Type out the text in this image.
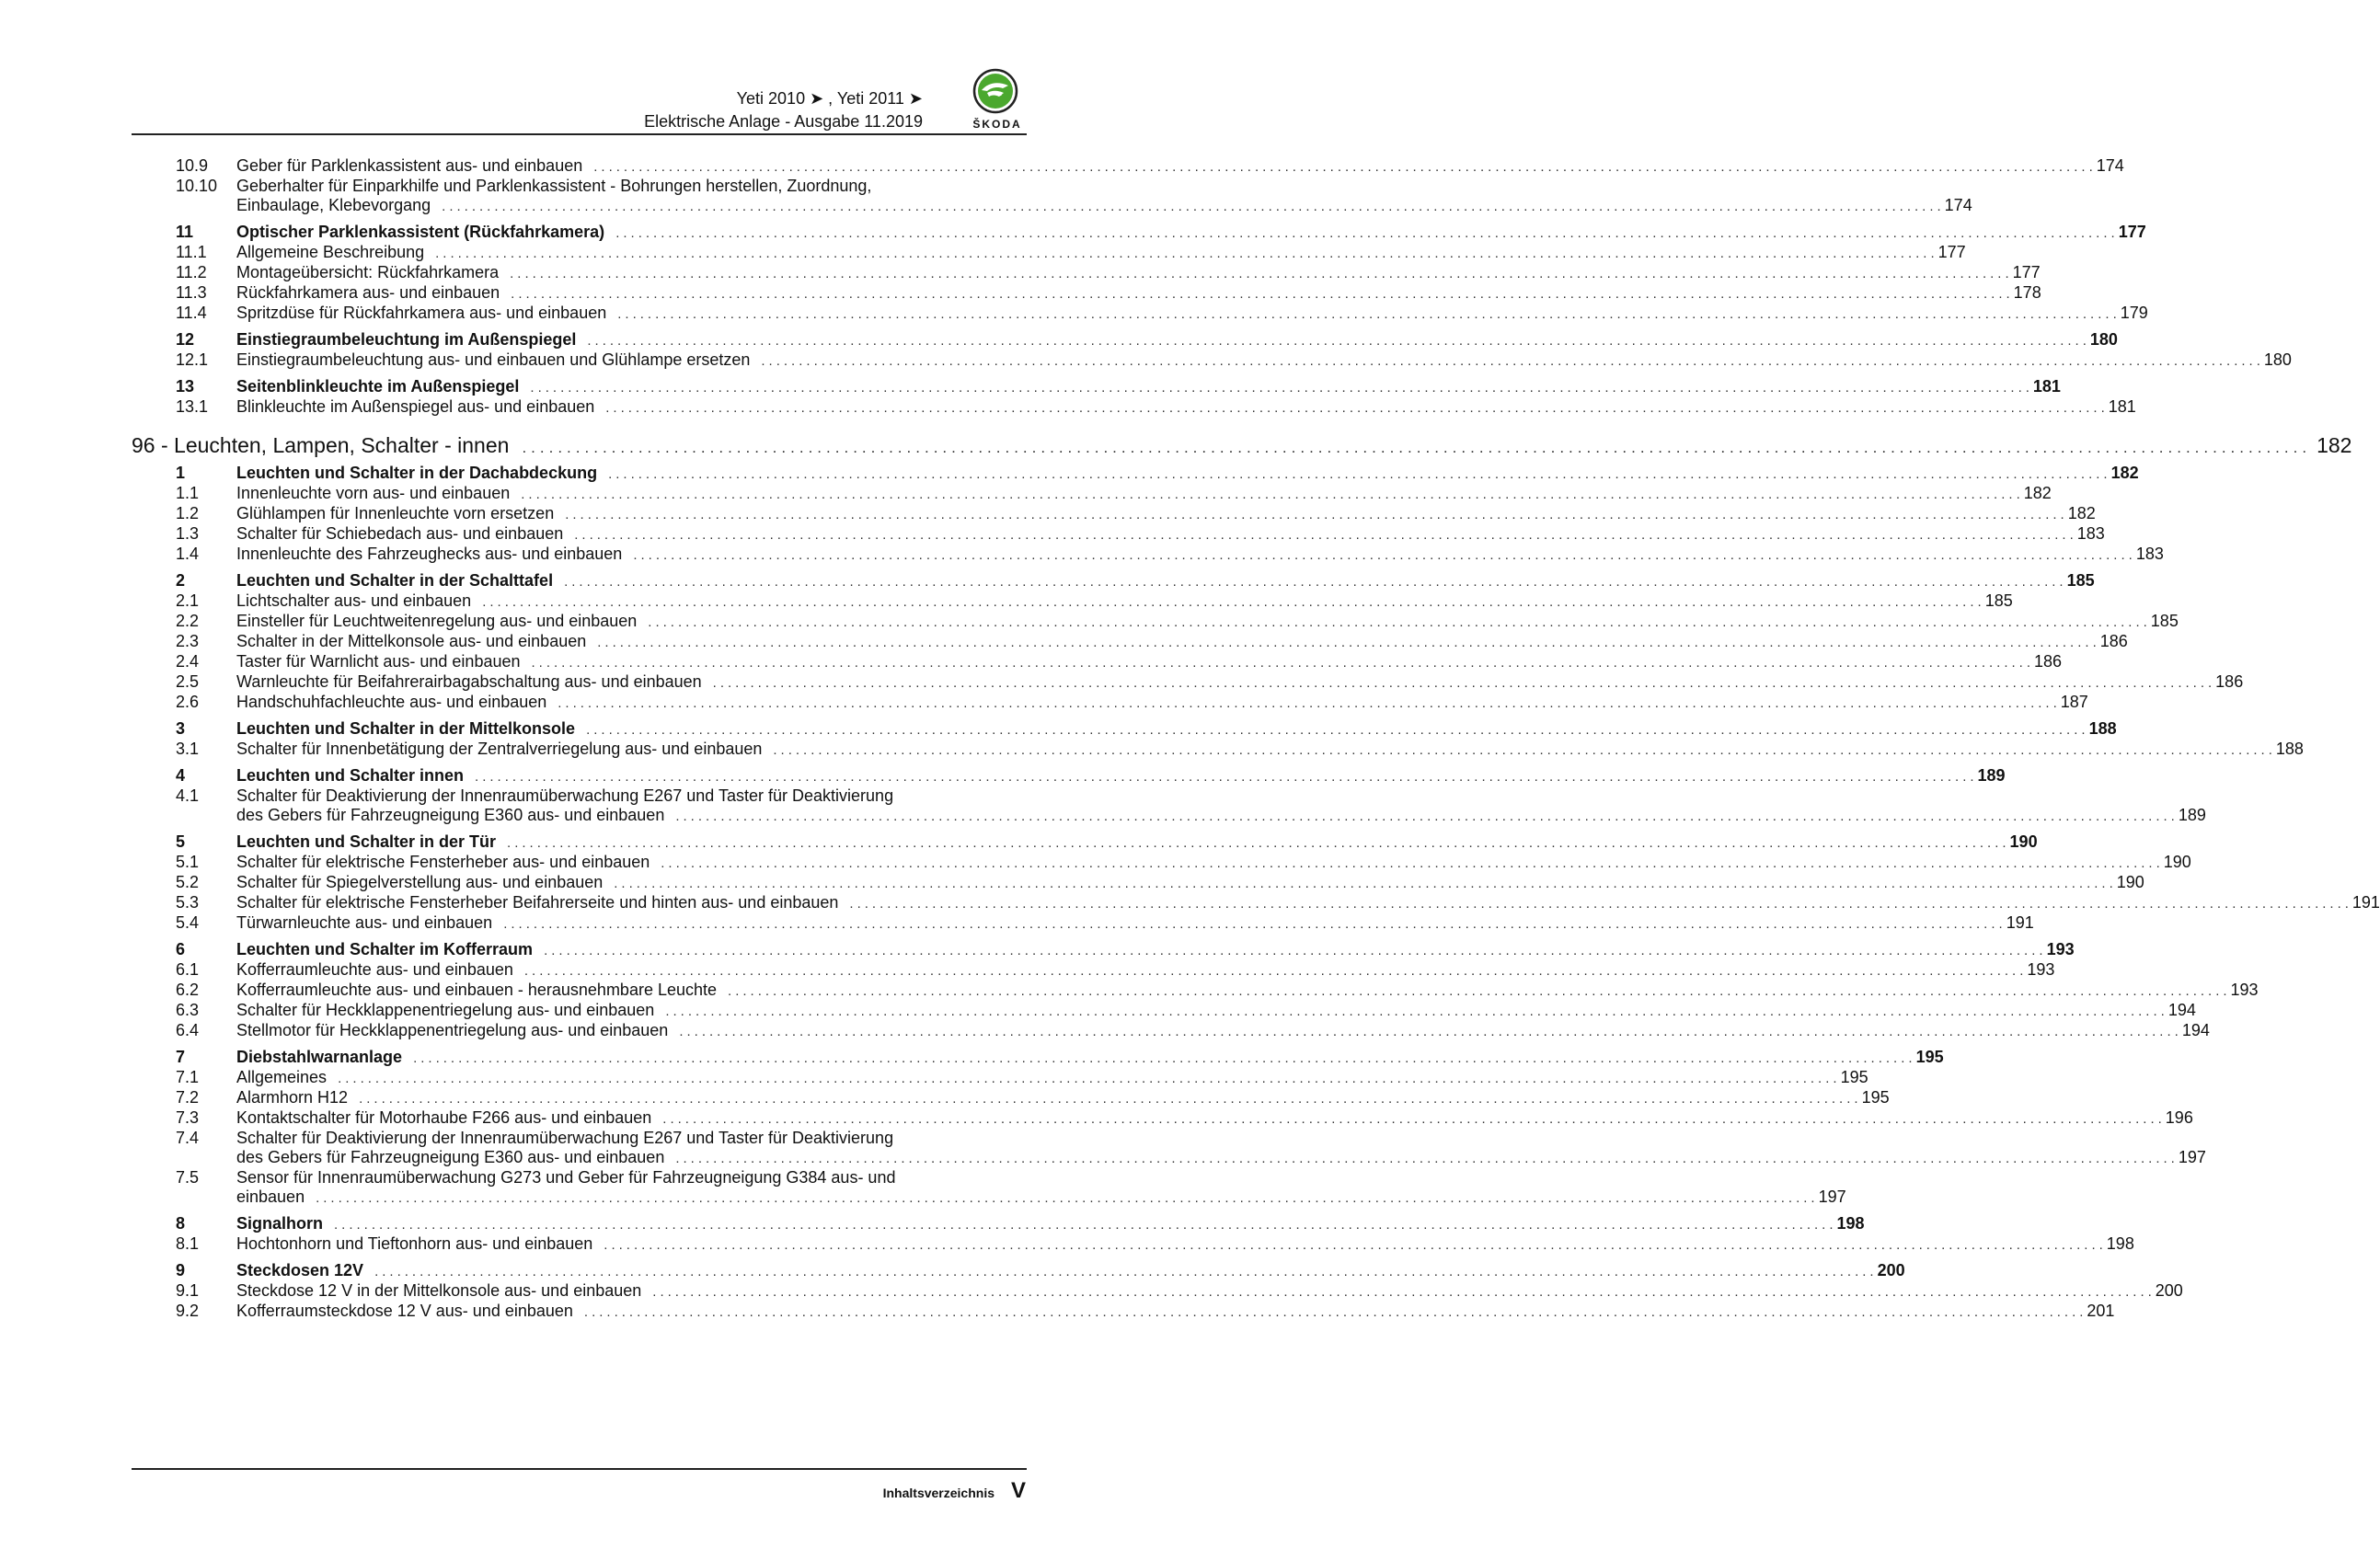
Yeti 2010 ➤ , Yeti 2011 ➤
Elektrische Anlage - Ausgabe 11.2019	ŠKODA
10.9 Geber für Parklenkassistent aus- und einbauen ........................................................................................................................................................................................................ 174
10.10 Geberhalter für Einparkhilfe und Parklenkassistent - Bohrungen herstellen, Zuordnung,
Einbaulage, Klebevorgang ........................................................................................................................................................................................................ 174
11	Optischer Parklenkassistent (Rückfahrkamera) ........................................................................................................................................................................................................ 177
11.1 Allgemeine Beschreibung ........................................................................................................................................................................................................ 177
11.2 Montageübersicht: Rückfahrkamera ........................................................................................................................................................................................................ 177
11.3 Rückfahrkamera aus- und einbauen ........................................................................................................................................................................................................ 178
11.4 Spritzdüse für Rückfahrkamera aus- und einbauen ........................................................................................................................................................................................................ 179
12	Einstiegraumbeleuchtung im Außenspiegel ........................................................................................................................................................................................................ 180
12.1 Einstiegraumbeleuchtung aus- und einbauen und Glühlampe ersetzen ........................................................................................................................................................................................................ 180
13	Seitenblinkleuchte im Außenspiegel ........................................................................................................................................................................................................ 181
13.1 Blinkleuchte im Außenspiegel aus- und einbauen ........................................................................................................................................................................................................ 181
96 - Leuchten, Lampen, Schalter - innen ........................................................................................................................................................................................................ 182
1	Leuchten und Schalter in der Dachabdeckung ........................................................................................................................................................................................................ 182
1.1 Innenleuchte vorn aus- und einbauen ........................................................................................................................................................................................................ 182
1.2 Glühlampen für Innenleuchte vorn ersetzen ........................................................................................................................................................................................................ 182
1.3 Schalter für Schiebedach aus- und einbauen ........................................................................................................................................................................................................ 183
1.4 Innenleuchte des Fahrzeughecks aus- und einbauen ........................................................................................................................................................................................................ 183
2	Leuchten und Schalter in der Schalttafel ........................................................................................................................................................................................................ 185
2.1 Lichtschalter aus- und einbauen ........................................................................................................................................................................................................ 185
2.2 Einsteller für Leuchtweitenregelung aus- und einbauen ........................................................................................................................................................................................................ 185
2.3 Schalter in der Mittelkonsole aus- und einbauen ........................................................................................................................................................................................................ 186
2.4 Taster für Warnlicht aus- und einbauen ........................................................................................................................................................................................................ 186
2.5 Warnleuchte für Beifahrerairbagabschaltung aus- und einbauen ........................................................................................................................................................................................................ 186
2.6 Handschuhfachleuchte aus- und einbauen ........................................................................................................................................................................................................ 187
3	Leuchten und Schalter in der Mittelkonsole ........................................................................................................................................................................................................ 188
3.1 Schalter für Innenbetätigung der Zentralverriegelung aus- und einbauen ........................................................................................................................................................................................................ 188
4	Leuchten und Schalter innen ........................................................................................................................................................................................................ 189
4.1 Schalter für Deaktivierung der Innenraumüberwachung E267 und Taster für Deaktivierung
des Gebers für Fahrzeugneigung E360 aus- und einbauen ........................................................................................................................................................................................................ 189
5	Leuchten und Schalter in der Tür ........................................................................................................................................................................................................ 190
5.1 Schalter für elektrische Fensterheber aus- und einbauen ........................................................................................................................................................................................................ 190
5.2 Schalter für Spiegelverstellung aus- und einbauen ........................................................................................................................................................................................................ 190
5.3 Schalter für elektrische Fensterheber Beifahrerseite und hinten aus- und einbauen ........................................................................................................................................................................................................ 191
5.4 Türwarnleuchte aus- und einbauen ........................................................................................................................................................................................................ 191
6	Leuchten und Schalter im Kofferraum ........................................................................................................................................................................................................ 193
6.1 Kofferraumleuchte aus- und einbauen ........................................................................................................................................................................................................ 193
6.2 Kofferraumleuchte aus- und einbauen - herausnehmbare Leuchte ........................................................................................................................................................................................................ 193
6.3 Schalter für Heckklappenentriegelung aus- und einbauen ........................................................................................................................................................................................................ 194
6.4 Stellmotor für Heckklappenentriegelung aus- und einbauen ........................................................................................................................................................................................................ 194
7	Diebstahlwarnanlage ........................................................................................................................................................................................................ 195
7.1 Allgemeines ........................................................................................................................................................................................................ 195
7.2 Alarmhorn H12 ........................................................................................................................................................................................................ 195
7.3 Kontaktschalter für Motorhaube F266 aus- und einbauen ........................................................................................................................................................................................................ 196
7.4 Schalter für Deaktivierung der Innenraumüberwachung E267 und Taster für Deaktivierung
des Gebers für Fahrzeugneigung E360 aus- und einbauen ........................................................................................................................................................................................................ 197
7.5 Sensor für Innenraumüberwachung G273 und Geber für Fahrzeugneigung G384 aus- und
einbauen ........................................................................................................................................................................................................ 197
8	Signalhorn ........................................................................................................................................................................................................ 198
8.1 Hochtonhorn und Tieftonhorn aus- und einbauen ........................................................................................................................................................................................................ 198
9	Steckdosen 12V ........................................................................................................................................................................................................ 200
9.1 Steckdose 12 V in der Mittelkonsole aus- und einbauen ........................................................................................................................................................................................................ 200
9.2 Kofferraumsteckdose 12 V aus- und einbauen ........................................................................................................................................................................................................ 201
Inhaltsverzeichnis V
